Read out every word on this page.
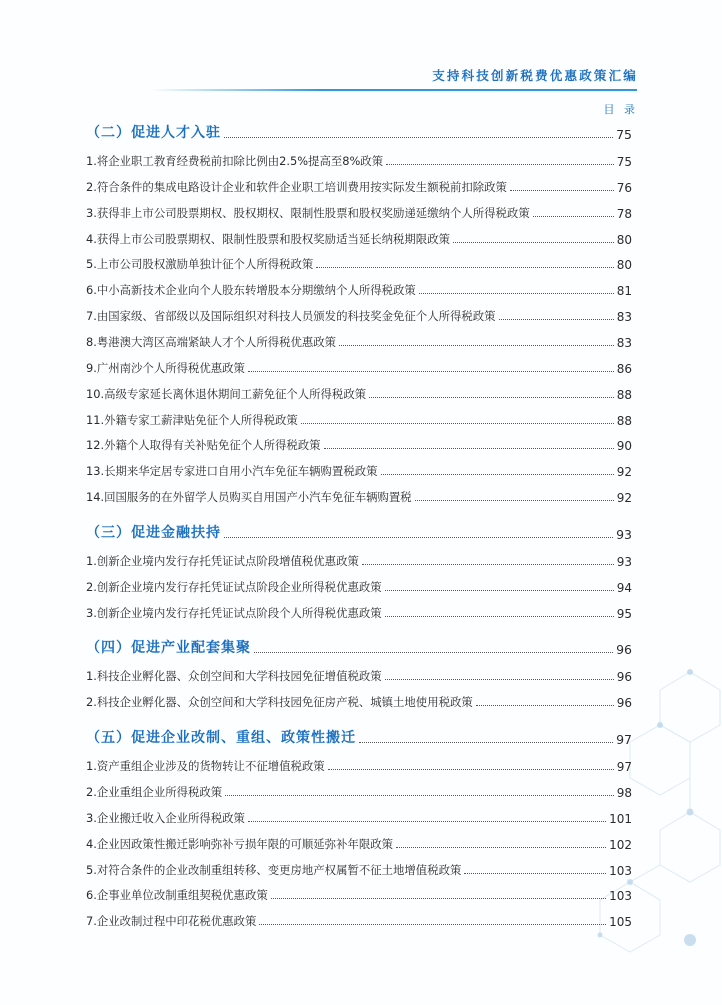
支持科技创新税费优惠政策汇编
目 录
（二）促进人才入驻	75
1.将企业职工教育经费税前扣除比例由2.5%提高至8%政策	75
2.符合条件的集成电路设计企业和软件企业职工培训费用按实际发生额税前扣除政策	76
3.获得非上市公司股票期权、股权期权、限制性股票和股权奖励递延缴纳个人所得税政策	78
4.获得上市公司股票期权、限制性股票和股权奖励适当延长纳税期限政策	80
5.上市公司股权激励单独计征个人所得税政策	80
6.中小高新技术企业向个人股东转增股本分期缴纳个人所得税政策	81
7.由国家级、省部级以及国际组织对科技人员颁发的科技奖金免征个人所得税政策	83
8.粤港澳大湾区高端紧缺人才个人所得税优惠政策	83
9.广州南沙个人所得税优惠政策	86
10.高级专家延长离休退休期间工薪免征个人所得税政策	88
11.外籍专家工薪津贴免征个人所得税政策	88
12.外籍个人取得有关补贴免征个人所得税政策	90
13.长期来华定居专家进口自用小汽车免征车辆购置税政策	92
14.回国服务的在外留学人员购买自用国产小汽车免征车辆购置税	92
（三）促进金融扶持	93
1.创新企业境内发行存托凭证试点阶段增值税优惠政策	93
2.创新企业境内发行存托凭证试点阶段企业所得税优惠政策	94
3.创新企业境内发行存托凭证试点阶段个人所得税优惠政策	95
（四）促进产业配套集聚	96
1.科技企业孵化器、众创空间和大学科技园免征增值税政策	96
2.科技企业孵化器、众创空间和大学科技园免征房产税、城镇土地使用税政策	96
（五）促进企业改制、重组、政策性搬迁	97
1.资产重组企业涉及的货物转让不征增值税政策	97
2.企业重组企业所得税政策	98
3.企业搬迁收入企业所得税政策	101
4.企业因政策性搬迁影响弥补亏损年限的可顺延弥补年限政策	102
5.对符合条件的企业改制重组转移、变更房地产权属暂不征土地增值税政策	103
6.企事业单位改制重组契税优惠政策	103
7.企业改制过程中印花税优惠政策	105
